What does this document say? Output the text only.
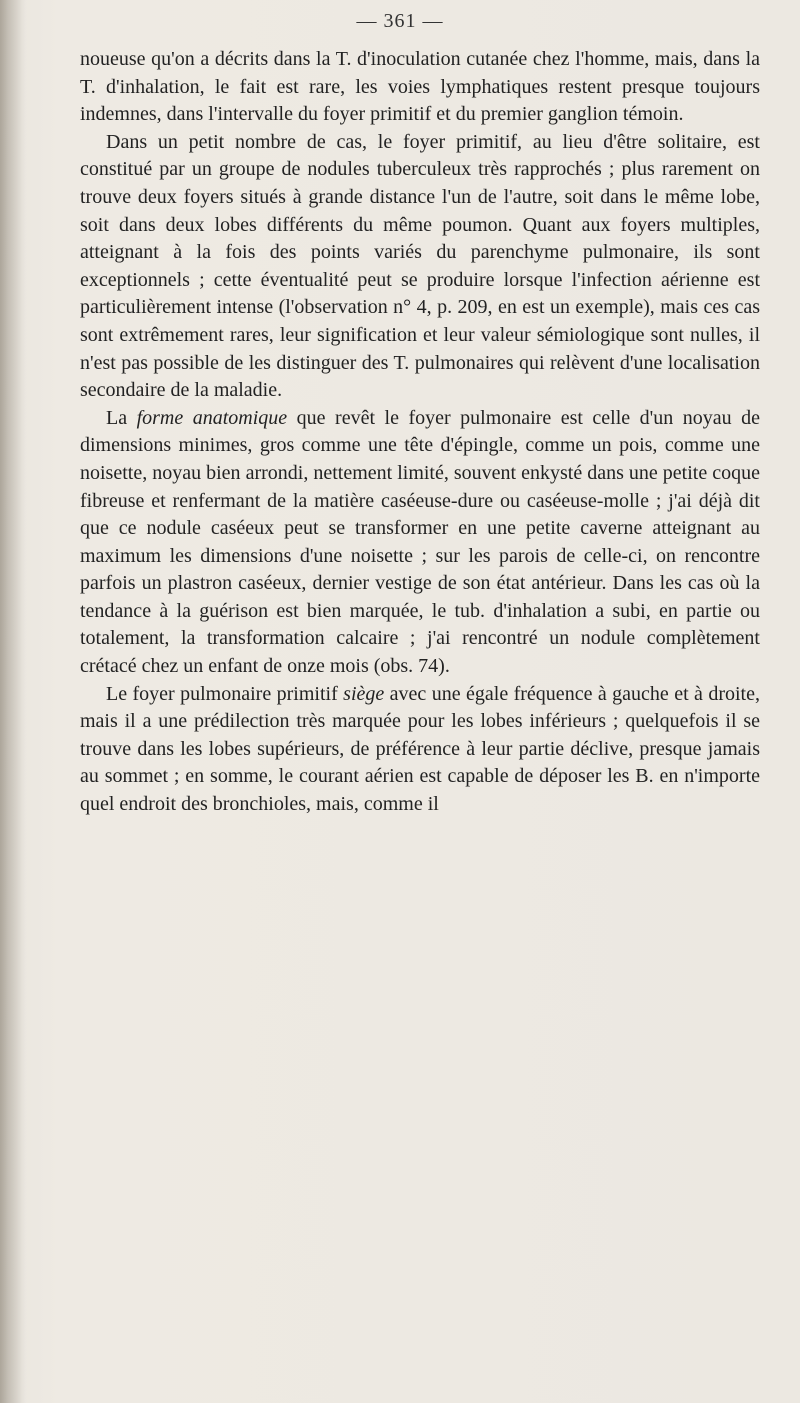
— 361 —

noueuse qu'on a décrits dans la T. d'inoculation cutanée chez l'homme, mais, dans la T. d'inhalation, le fait est rare, les voies lymphatiques restent presque toujours indemnes, dans l'intervalle du foyer primitif et du premier ganglion témoin.

Dans un petit nombre de cas, le foyer primitif, au lieu d'être solitaire, est constitué par un groupe de nodules tuberculeux très rapprochés ; plus rarement on trouve deux foyers situés à grande distance l'un de l'autre, soit dans le même lobe, soit dans deux lobes différents du même poumon. Quant aux foyers multiples, atteignant à la fois des points variés du parenchyme pulmonaire, ils sont exceptionnels ; cette éventualité peut se produire lorsque l'infection aérienne est particulièrement intense (l'observation n° 4, p. 209, en est un exemple), mais ces cas sont extrêmement rares, leur signification et leur valeur sémiologique sont nulles, il n'est pas possible de les distinguer des T. pulmonaires qui relèvent d'une localisation secondaire de la maladie.

La forme anatomique que revêt le foyer pulmonaire est celle d'un noyau de dimensions minimes, gros comme une tête d'épingle, comme un pois, comme une noisette, noyau bien arrondi, nettement limité, souvent enkysté dans une petite coque fibreuse et renfermant de la matière caséeuse-dure ou caséeuse-molle ; j'ai déjà dit que ce nodule caséeux peut se transformer en une petite caverne atteignant au maximum les dimensions d'une noisette ; sur les parois de celle-ci, on rencontre parfois un plastron caséeux, dernier vestige de son état antérieur. Dans les cas où la tendance à la guérison est bien marquée, le tub. d'inhalation a subi, en partie ou totalement, la transformation calcaire ; j'ai rencontré un nodule complètement crétacé chez un enfant de onze mois (obs. 74).

Le foyer pulmonaire primitif siège avec une égale fréquence à gauche et à droite, mais il a une prédilection très marquée pour les lobes inférieurs ; quelquefois il se trouve dans les lobes supérieurs, de préférence à leur partie déclive, presque jamais au sommet ; en somme, le courant aérien est capable de déposer les B. en n'importe quel endroit des bronchioles, mais, comme il
